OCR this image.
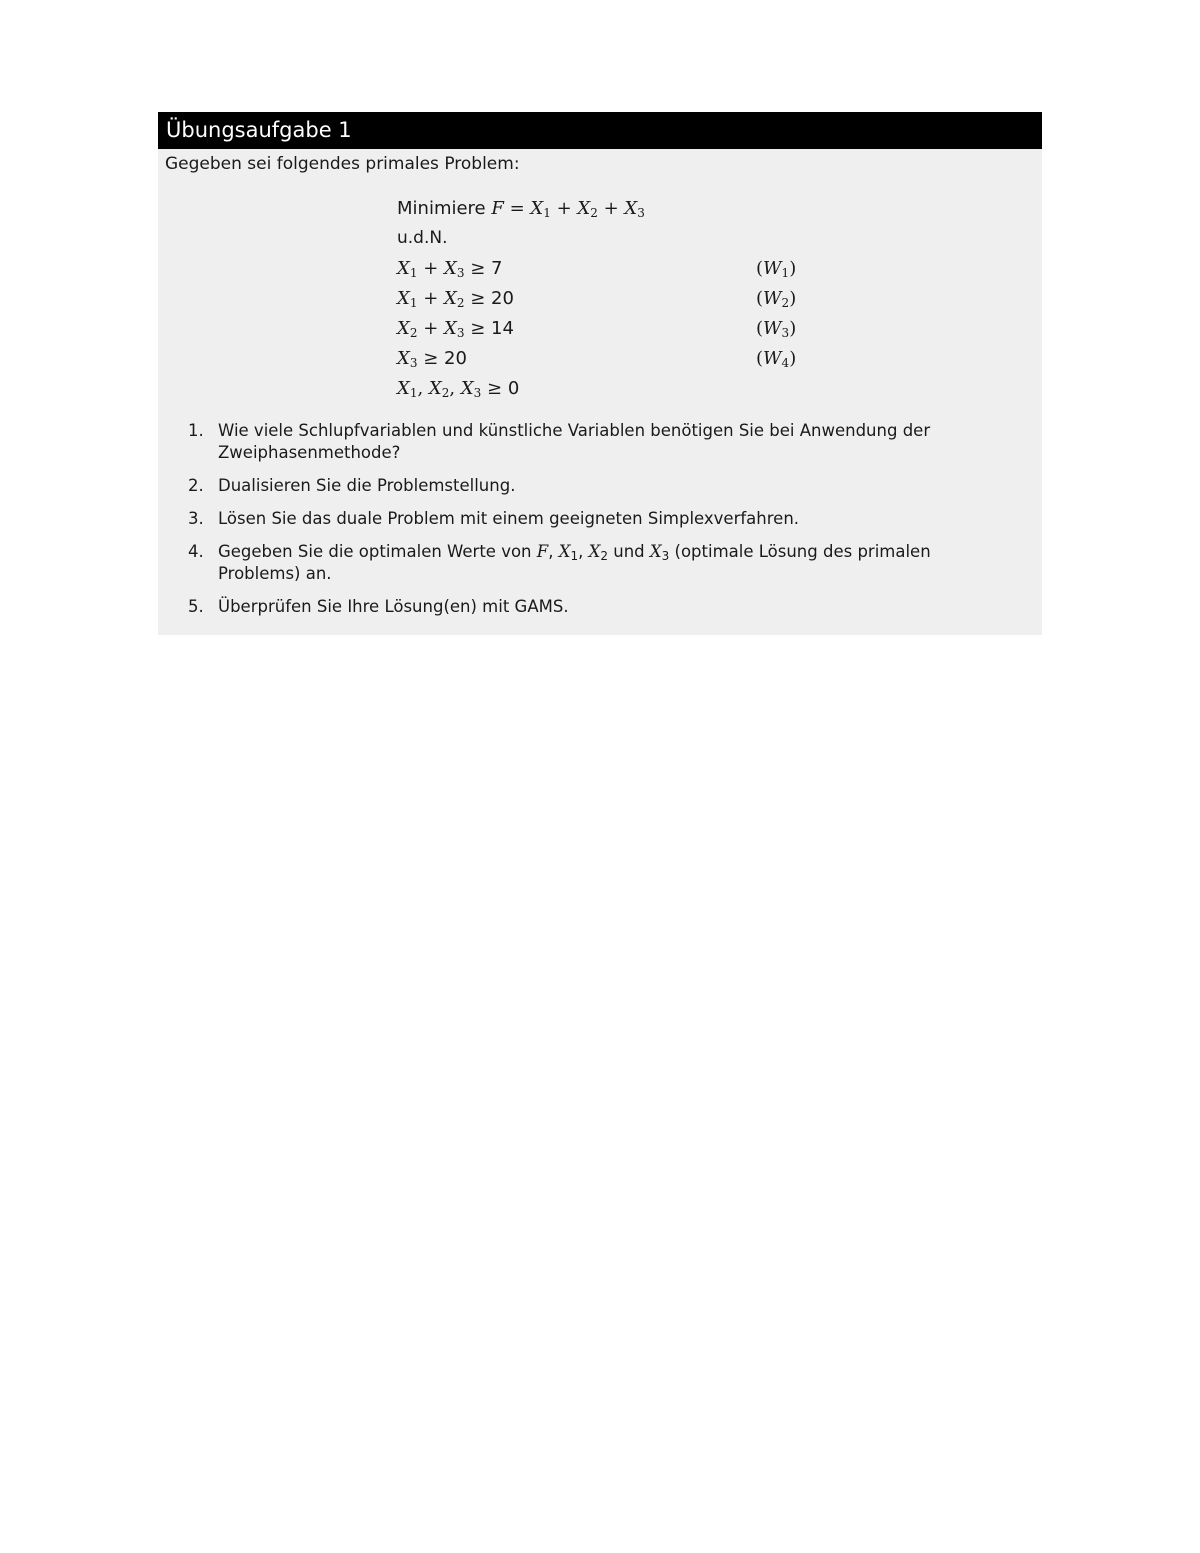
Übungsaufgabe 1
Gegeben sei folgendes primales Problem:
Minimiere $F = X_1 + X_2 + X_3$
u.d.N.
$X_1 + X_3 \ge 7$	$(W_1)$
$X_1 + X_2 \ge 20$	$(W_2)$
$X_2 + X_3 \ge 14$	$(W_3)$
$X_3 \ge 20$	$(W_4)$
$X_1$, $X_2$, $X_3 \ge 0$
1. Wie viele Schlupfvariablen und künstliche Variablen benötigen Sie bei Anwendung der Zweiphasenmethode?
2. Dualisieren Sie die Problemstellung.
3. Lösen Sie das duale Problem mit einem geeigneten Simplexverfahren.
4. Gegeben Sie die optimalen Werte von F, $X_1$, $X_2$ und $X_3$ (optimale Lösung des primalen Problems) an.
5. Überprüfen Sie Ihre Lösung(en) mit GAMS.
